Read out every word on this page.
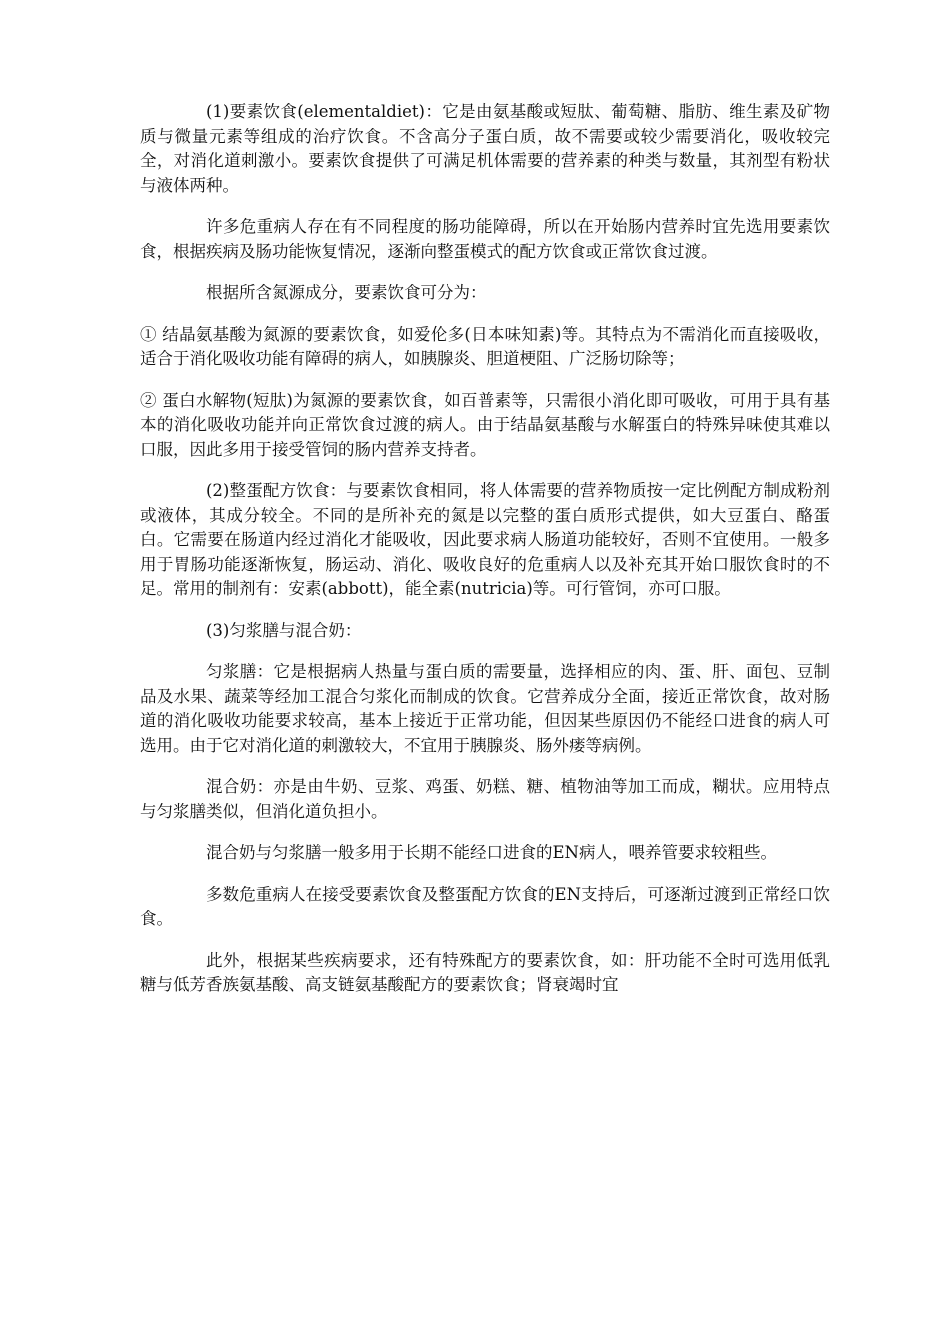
(1)要素饮食(elementaldiet)：它是由氨基酸或短肽、葡萄糖、脂肪、维生素及矿物质与微量元素等组成的治疗饮食。不含高分子蛋白质，故不需要或较少需要消化，吸收较完全，对消化道刺激小。要素饮食提供了可满足机体需要的营养素的种类与数量，其剂型有粉状与液体两种。

许多危重病人存在有不同程度的肠功能障碍，所以在开始肠内营养时宜先选用要素饮食，根据疾病及肠功能恢复情况，逐渐向整蛋模式的配方饮食或正常饮食过渡。

根据所含氮源成分，要素饮食可分为：

① 结晶氨基酸为氮源的要素饮食，如爱伦多(日本味知素)等。其特点为不需消化而直接吸收，适合于消化吸收功能有障碍的病人，如胰腺炎、胆道梗阻、广泛肠切除等；

② 蛋白水解物(短肽)为氮源的要素饮食，如百普素等，只需很小消化即可吸收，可用于具有基本的消化吸收功能并向正常饮食过渡的病人。由于结晶氨基酸与水解蛋白的特殊异味使其难以口服，因此多用于接受管饲的肠内营养支持者。

(2)整蛋配方饮食：与要素饮食相同，将人体需要的营养物质按一定比例配方制成粉剂或液体，其成分较全。不同的是所补充的氮是以完整的蛋白质形式提供，如大豆蛋白、酪蛋白。它需要在肠道内经过消化才能吸收，因此要求病人肠道功能较好，否则不宜使用。一般多用于胃肠功能逐渐恢复，肠运动、消化、吸收良好的危重病人以及补充其开始口服饮食时的不足。常用的制剂有：安素(abbott)，能全素(nutricia)等。可行管饲，亦可口服。

(3)匀浆膳与混合奶：

匀浆膳：它是根据病人热量与蛋白质的需要量，选择相应的肉、蛋、肝、面包、豆制品及水果、蔬菜等经加工混合匀浆化而制成的饮食。它营养成分全面，接近正常饮食，故对肠道的消化吸收功能要求较高，基本上接近于正常功能，但因某些原因仍不能经口进食的病人可选用。由于它对消化道的刺激较大，不宜用于胰腺炎、肠外瘘等病例。

混合奶：亦是由牛奶、豆浆、鸡蛋、奶糕、糖、植物油等加工而成，糊状。应用特点与匀浆膳类似，但消化道负担小。

混合奶与匀浆膳一般多用于长期不能经口进食的EN病人，喂养管要求较粗些。

多数危重病人在接受要素饮食及整蛋配方饮食的EN支持后，可逐渐过渡到正常经口饮食。

此外，根据某些疾病要求，还有特殊配方的要素饮食，如：肝功能不全时可选用低乳糖与低芳香族氨基酸、高支链氨基酸配方的要素饮食；肾衰竭时宜
